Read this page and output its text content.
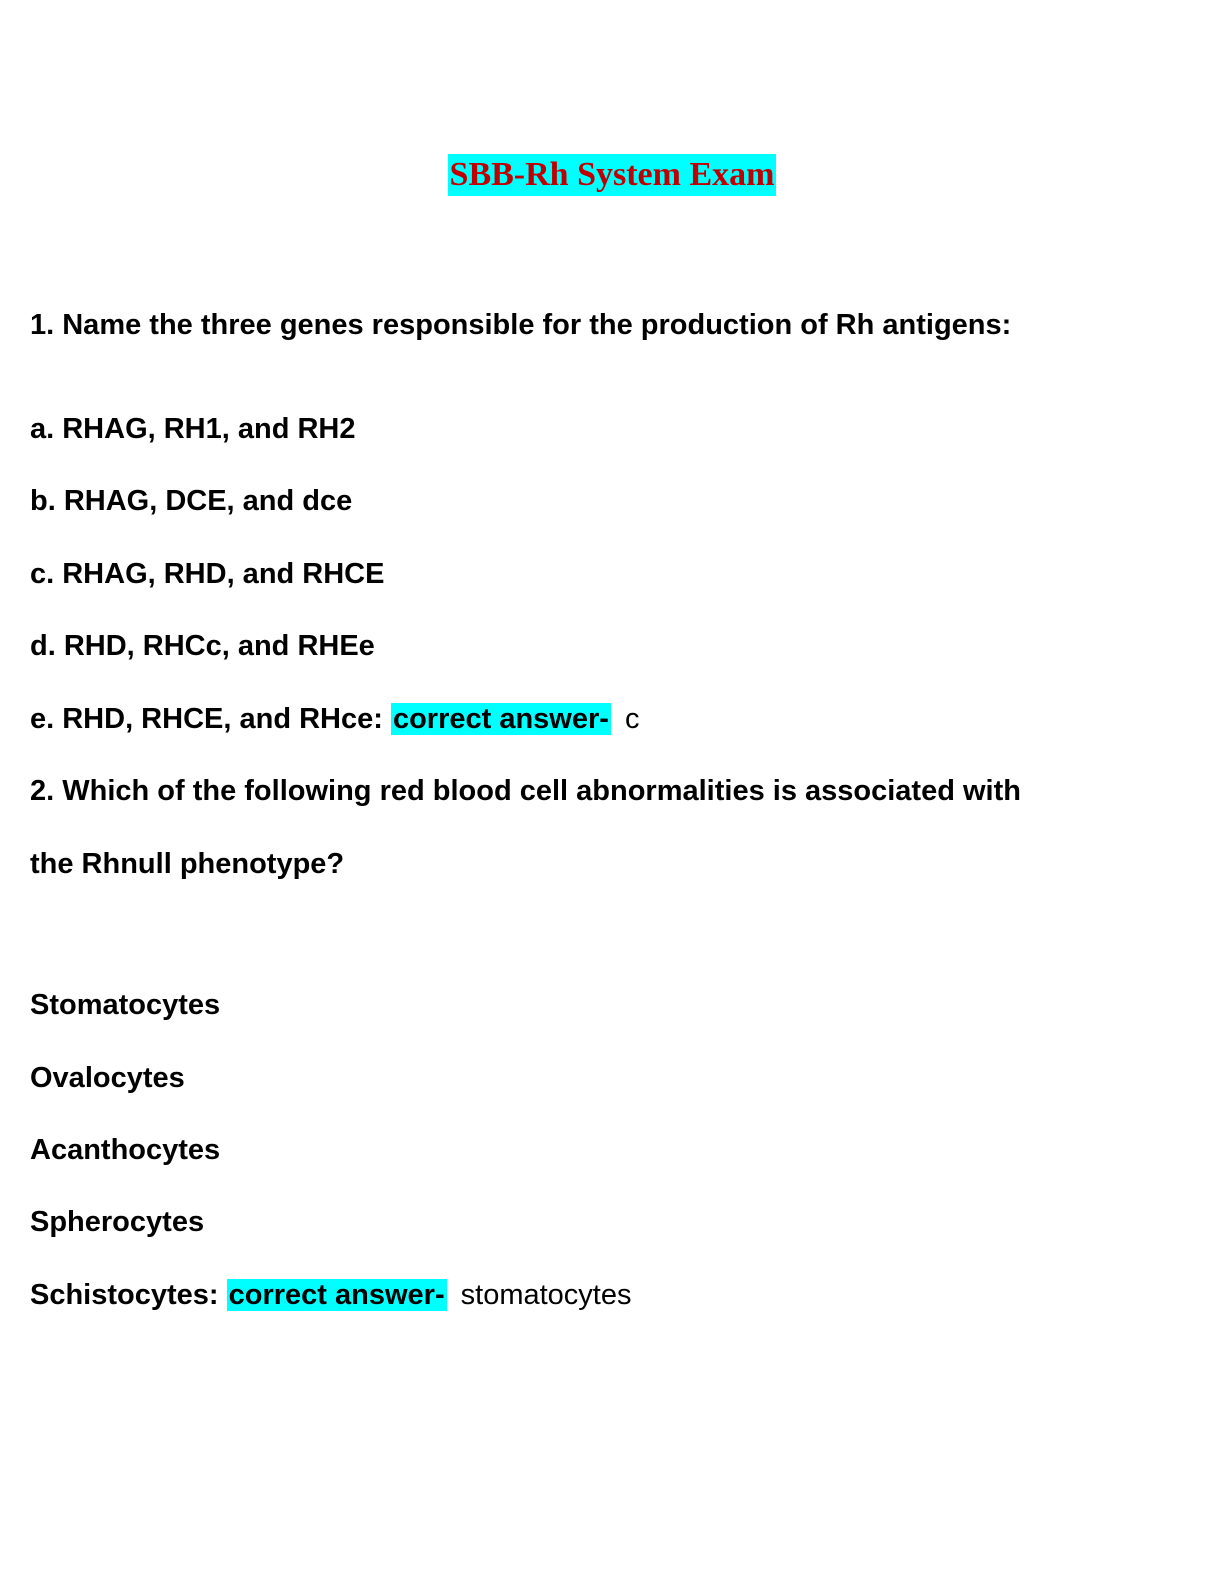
SBB-Rh System Exam
1. Name the three genes responsible for the production of Rh antigens:
a. RHAG, RH1, and RH2
b. RHAG, DCE, and dce
c. RHAG, RHD, and RHCE
d. RHD, RHCc, and RHEe
e. RHD, RHCE, and RHce: correct answer- c
2. Which of the following red blood cell abnormalities is associated with
the Rhnull phenotype?
Stomatocytes
Ovalocytes
Acanthocytes
Spherocytes
Schistocytes: correct answer- stomatocytes
